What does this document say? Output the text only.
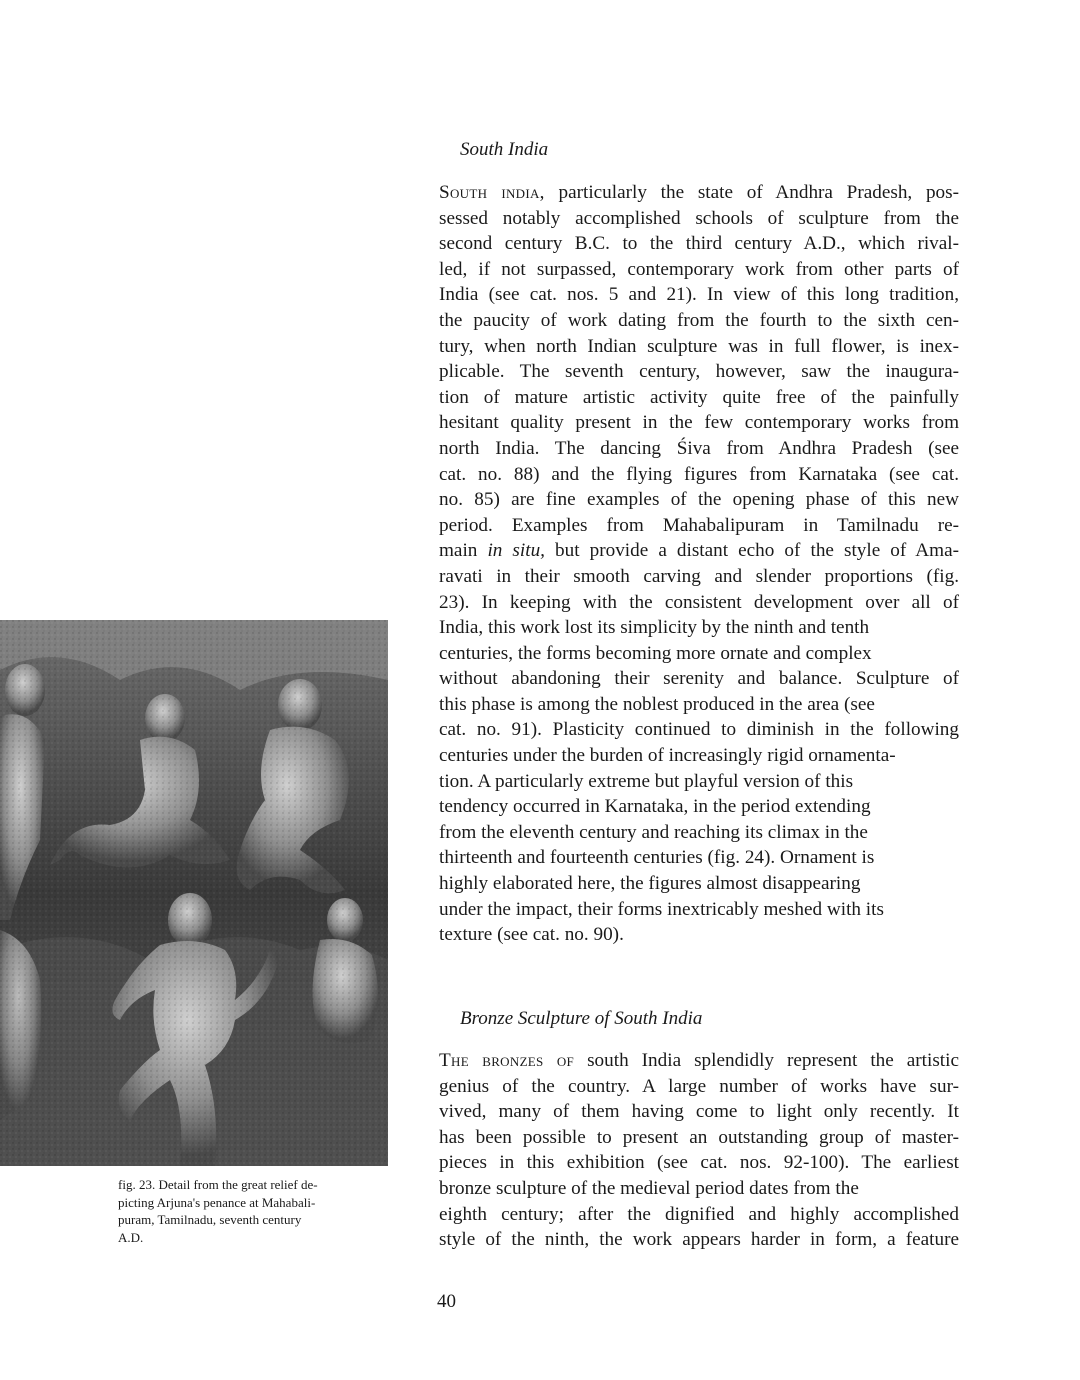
South India
South india, particularly the state of Andhra Pradesh, pos-
sessed notably accomplished schools of sculpture from the
second century B.C. to the third century A.D., which rival-
led, if not surpassed, contemporary work from other parts of
India (see cat. nos. 5 and 21). In view of this long tradition,
the paucity of work dating from the fourth to the sixth cen-
tury, when north Indian sculpture was in full flower, is inex-
plicable. The seventh century, however, saw the inaugura-
tion of mature artistic activity quite free of the painfully
hesitant quality present in the few contemporary works from
north India. The dancing Śiva from Andhra Pradesh (see
cat. no. 88) and the flying figures from Karnataka (see cat.
no. 85) are fine examples of the opening phase of this new
period. Examples from Mahabalipuram in Tamilnadu re-
main in situ, but provide a distant echo of the style of Ama-
ravati in their smooth carving and slender proportions (fig.
23). In keeping with the consistent development over all of
India, this work lost its simplicity by the ninth and tenth
centuries, the forms becoming more ornate and complex
without abandoning their serenity and balance. Sculpture of
this phase is among the noblest produced in the area (see
cat. no. 91). Plasticity continued to diminish in the following
centuries under the burden of increasingly rigid ornamenta-
tion. A particularly extreme but playful version of this
tendency occurred in Karnataka, in the period extending
from the eleventh century and reaching its climax in the
thirteenth and fourteenth centuries (fig. 24). Ornament is
highly elaborated here, the figures almost disappearing
under the impact, their forms inextricably meshed with its
texture (see cat. no. 90).
fig. 23. Detail from the great relief de-
picting Arjuna's penance at Mahabali-
puram, Tamilnadu, seventh century
A.D.
Bronze Sculpture of South India
The bronzes of south India splendidly represent the artistic
genius of the country. A large number of works have sur-
vived, many of them having come to light only recently. It
has been possible to present an outstanding group of master-
pieces in this exhibition (see cat. nos. 92-100). The earliest
bronze sculpture of the medieval period dates from the
eighth century; after the dignified and highly accomplished
style of the ninth, the work appears harder in form, a feature
40
